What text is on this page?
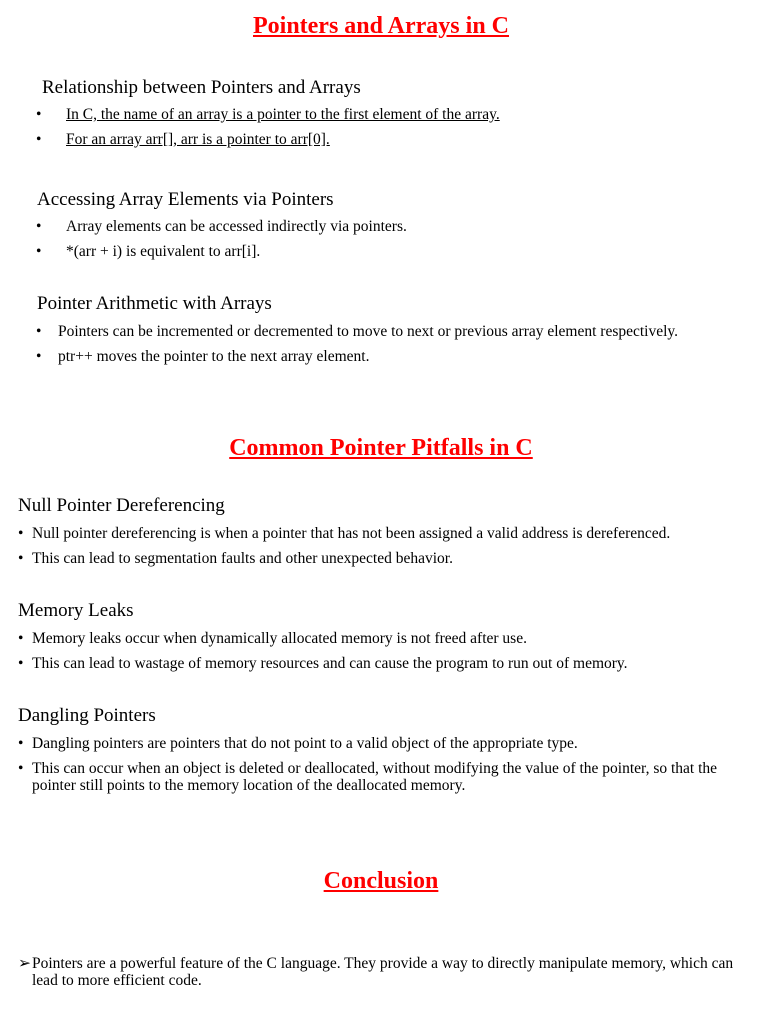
Pointers and Arrays in C
Relationship between Pointers and Arrays
• In C, the name of an array is a pointer to the first element of the array.
• For an array arr[], arr is a pointer to arr[0].
Accessing Array Elements via Pointers
• Array elements can be accessed indirectly via pointers.
• *(arr + i) is equivalent to arr[i].
Pointer Arithmetic with Arrays
• Pointers can be incremented or decremented to move to next or previous array element respectively.
• ptr++ moves the pointer to the next array element.
Common Pointer Pitfalls in C
Null Pointer Dereferencing
• Null pointer dereferencing is when a pointer that has not been assigned a valid address is dereferenced.
• This can lead to segmentation faults and other unexpected behavior.
Memory Leaks
• Memory leaks occur when dynamically allocated memory is not freed after use.
• This can lead to wastage of memory resources and can cause the program to run out of memory.
Dangling Pointers
• Dangling pointers are pointers that do not point to a valid object of the appropriate type.
• This can occur when an object is deleted or deallocated, without modifying the value of the pointer, so that the pointer still points to the memory location of the deallocated memory.
Conclusion
➢ Pointers are a powerful feature of the C language. They provide a way to directly manipulate memory, which can lead to more efficient code.
